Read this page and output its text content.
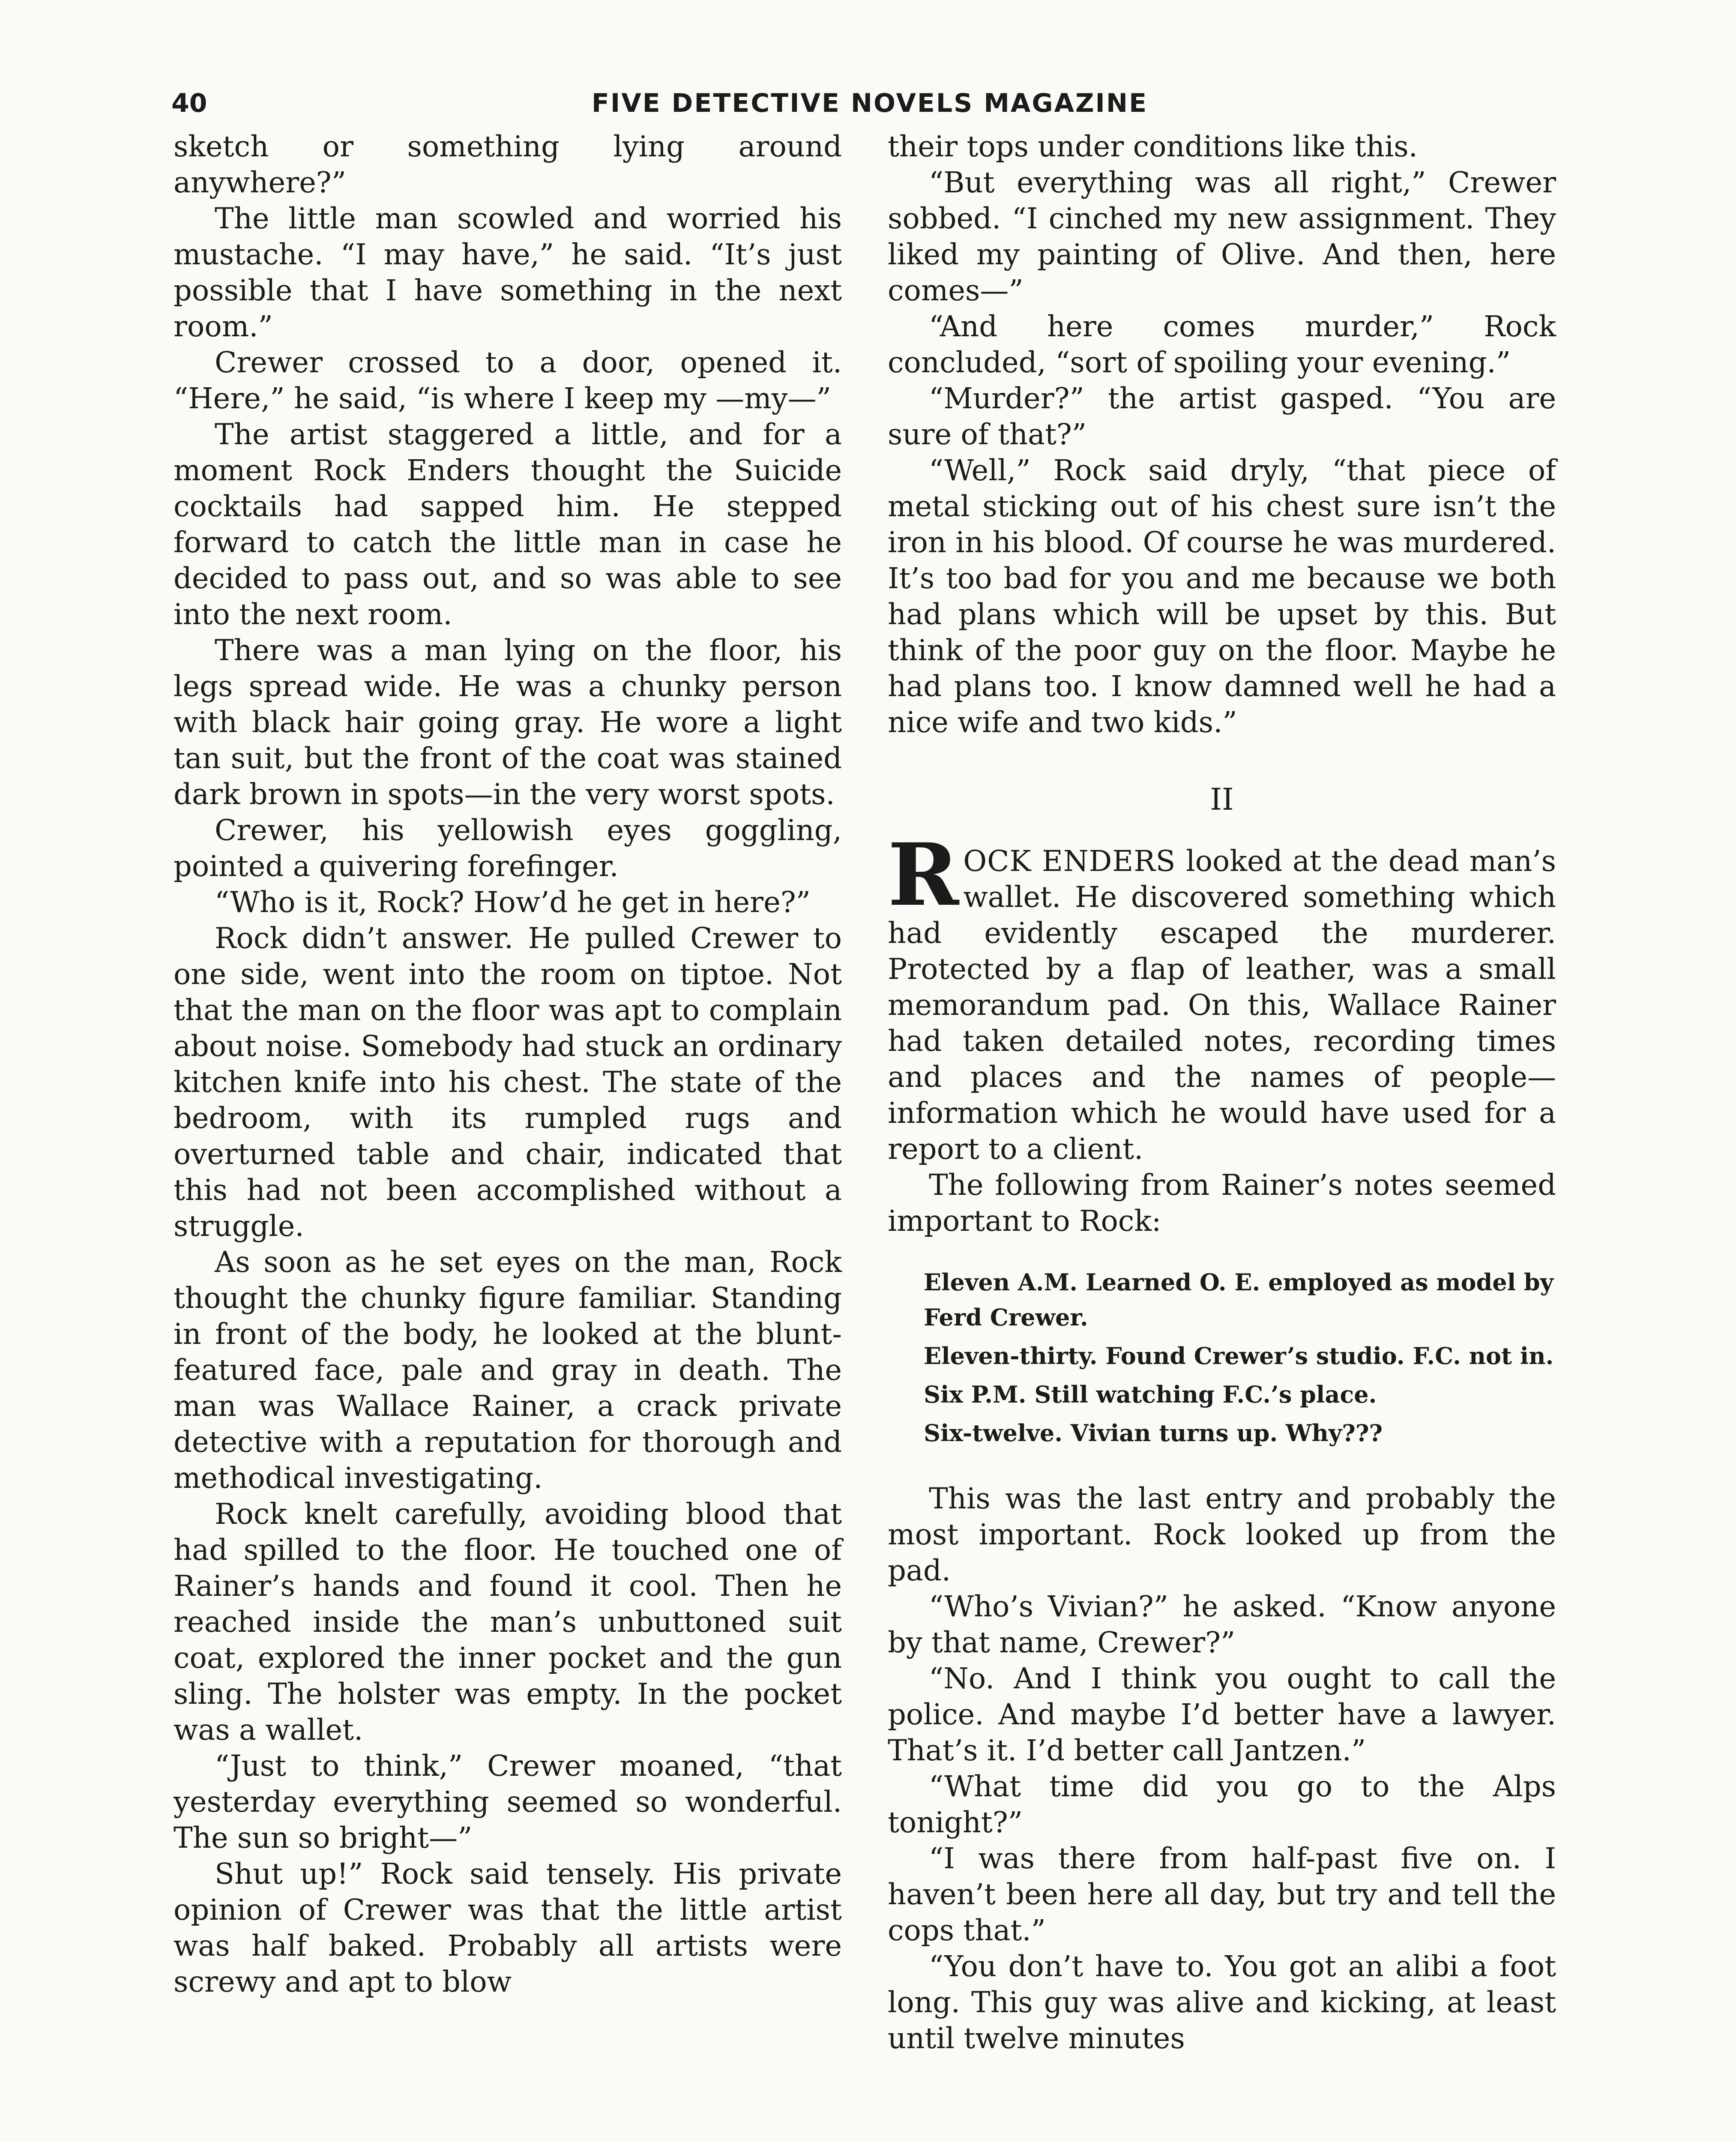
40	FIVE DETECTIVE NOVELS MAGAZINE

sketch or something lying around anywhere?”

The little man scowled and worried his mustache. “I may have,” he said. “It’s just possible that I have something in the next room.”

Crewer crossed to a door, opened it. “Here,” he said, “is where I keep my —my—”

The artist staggered a little, and for a moment Rock Enders thought the Suicide cocktails had sapped him. He stepped forward to catch the little man in case he decided to pass out, and so was able to see into the next room.

There was a man lying on the floor, his legs spread wide. He was a chunky person with black hair going gray. He wore a light tan suit, but the front of the coat was stained dark brown in spots—in the very worst spots.

Crewer, his yellowish eyes goggling, pointed a quivering forefinger.

“Who is it, Rock? How’d he get in here?”

Rock didn’t answer. He pulled Crewer to one side, went into the room on tiptoe. Not that the man on the floor was apt to complain about noise. Somebody had stuck an ordinary kitchen knife into his chest. The state of the bedroom, with its rumpled rugs and overturned table and chair, indicated that this had not been accomplished without a struggle.

As soon as he set eyes on the man, Rock thought the chunky figure familiar. Standing in front of the body, he looked at the blunt-featured face, pale and gray in death. The man was Wallace Rainer, a crack private detective with a reputation for thorough and methodical investigating.

Rock knelt carefully, avoiding blood that had spilled to the floor. He touched one of Rainer’s hands and found it cool. Then he reached inside the man’s unbuttoned suit coat, explored the inner pocket and the gun sling. The holster was empty. In the pocket was a wallet.

“Just to think,” Crewer moaned, “that yesterday everything seemed so wonderful. The sun so bright—”

Shut up!” Rock said tensely. His private opinion of Crewer was that the little artist was half baked. Probably all artists were screwy and apt to blow

their tops under conditions like this.

“But everything was all right,” Crewer sobbed. “I cinched my new assignment. They liked my painting of Olive. And then, here comes—”

“And here comes murder,” Rock concluded, “sort of spoiling your evening.”

“Murder?” the artist gasped. “You are sure of that?”

“Well,” Rock said dryly, “that piece of metal sticking out of his chest sure isn’t the iron in his blood. Of course he was murdered. It’s too bad for you and me because we both had plans which will be upset by this. But think of the poor guy on the floor. Maybe he had plans too. I know damned well he had a nice wife and two kids.”

II

ROCK ENDERS looked at the dead man’s wallet. He discovered something which had evidently escaped the murderer. Protected by a flap of leather, was a small memorandum pad. On this, Wallace Rainer had taken detailed notes, recording times and places and the names of people—information which he would have used for a report to a client.

The following from Rainer’s notes seemed important to Rock:

Eleven A.M. Learned O. E. employed as model by Ferd Crewer.
Eleven-thirty. Found Crewer’s studio. F.C. not in.
Six P.M. Still watching F.C.’s place.
Six-twelve. Vivian turns up. Why???

This was the last entry and probably the most important. Rock looked up from the pad.

“Who’s Vivian?” he asked. “Know anyone by that name, Crewer?”

“No. And I think you ought to call the police. And maybe I’d better have a lawyer. That’s it. I’d better call Jantzen.”

“What time did you go to the Alps tonight?”

“I was there from half-past five on. I haven’t been here all day, but try and tell the cops that.”

“You don’t have to. You got an alibi a foot long. This guy was alive and kicking, at least until twelve minutes
